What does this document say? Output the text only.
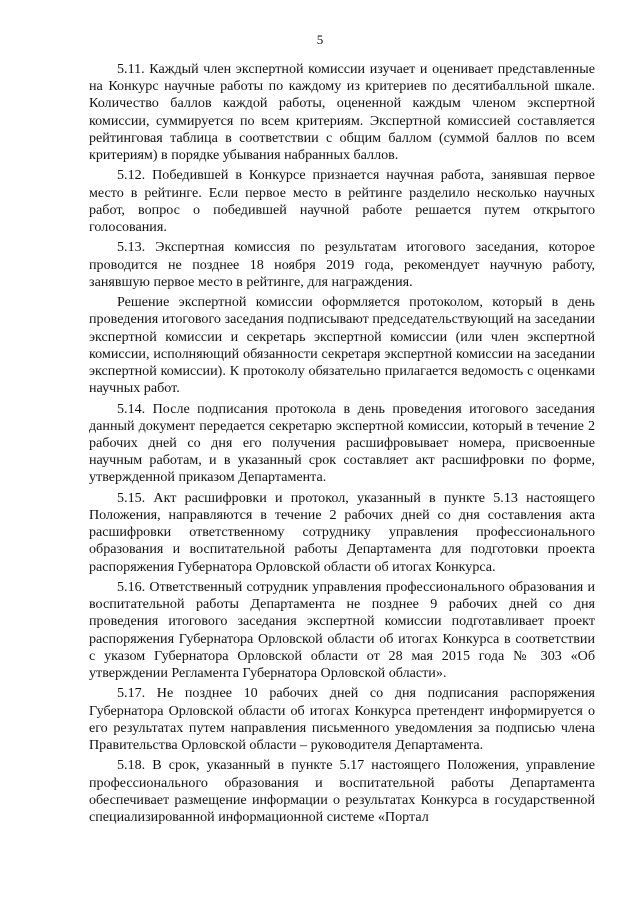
5

5.11. Каждый член экспертной комиссии изучает и оценивает представленные на Конкурс научные работы по каждому из критериев по десятибалльной шкале. Количество баллов каждой работы, оцененной каждым членом экспертной комиссии, суммируется по всем критериям. Экспертной комиссией составляется рейтинговая таблица в соответствии с общим баллом (суммой баллов по всем критериям) в порядке убывания набранных баллов.

5.12. Победившей в Конкурсе признается научная работа, занявшая первое место в рейтинге. Если первое место в рейтинге разделило несколько научных работ, вопрос о победившей научной работе решается путем открытого голосования.

5.13. Экспертная комиссия по результатам итогового заседания, которое проводится не позднее 18 ноября 2019 года, рекомендует научную работу, занявшую первое место в рейтинге, для награждения.

Решение экспертной комиссии оформляется протоколом, который в день проведения итогового заседания подписывают председательствующий на заседании экспертной комиссии и секретарь экспертной комиссии (или член экспертной комиссии, исполняющий обязанности секретаря экспертной комиссии на заседании экспертной комиссии). К протоколу обязательно прилагается ведомость с оценками научных работ.

5.14. После подписания протокола в день проведения итогового заседания данный документ передается секретарю экспертной комиссии, который в течение 2 рабочих дней со дня его получения расшифровывает номера, присвоенные научным работам, и в указанный срок составляет акт расшифровки по форме, утвержденной приказом Департамента.

5.15. Акт расшифровки и протокол, указанный в пункте 5.13 настоящего Положения, направляются в течение 2 рабочих дней со дня составления акта расшифровки ответственному сотруднику управления профессионального образования и воспитательной работы Департамента для подготовки проекта распоряжения Губернатора Орловской области об итогах Конкурса.

5.16. Ответственный сотрудник управления профессионального образования и воспитательной работы Департамента не позднее 9 рабочих дней со дня проведения итогового заседания экспертной комиссии подготавливает проект распоряжения Губернатора Орловской области об итогах Конкурса в соответствии с указом Губернатора Орловской области от 28 мая 2015 года № 303 «Об утверждении Регламента Губернатора Орловской области».

5.17. Не позднее 10 рабочих дней со дня подписания распоряжения Губернатора Орловской области об итогах Конкурса претендент информируется о его результатах путем направления письменного уведомления за подписью члена Правительства Орловской области – руководителя Департамента.

5.18. В срок, указанный в пункте 5.17 настоящего Положения, управление профессионального образования и воспитательной работы Департамента обеспечивает размещение информации о результатах Конкурса в государственной специализированной информационной системе «Портал
